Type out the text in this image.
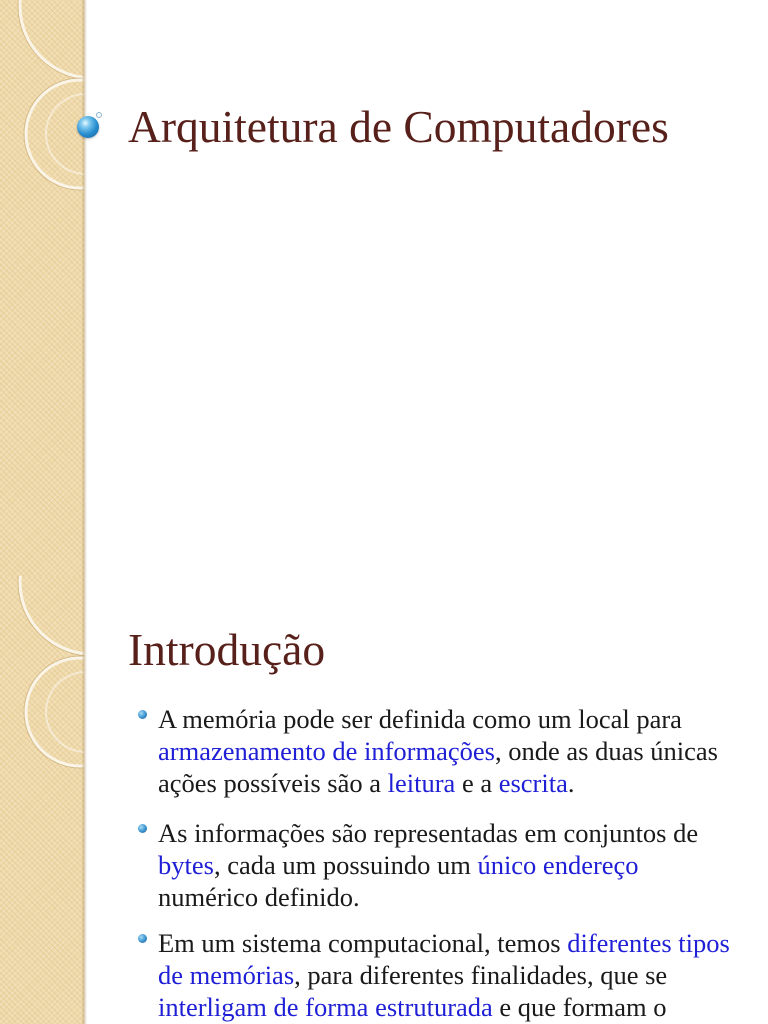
Arquitetura de Computadores
Introdução
A memória pode ser definida como um local para
armazenamento de informações, onde as duas únicas
ações possíveis são a leitura e a escrita.
As informações são representadas em conjuntos de
bytes, cada um possuindo um único endereço
numérico definido.
Em um sistema computacional, temos diferentes tipos
de memórias, para diferentes finalidades, que se
interligam de forma estruturada e que formam o
